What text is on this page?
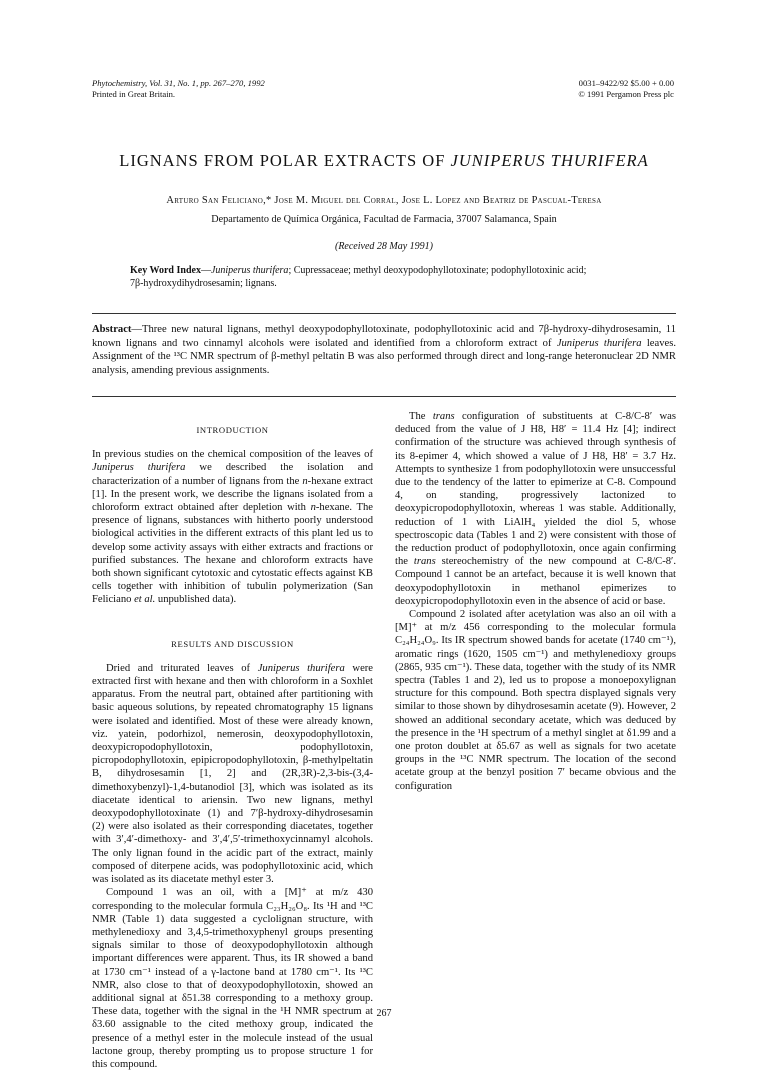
Phytochemistry, Vol. 31, No. 1, pp. 267–270, 1992
Printed in Great Britain.
0031–9422/92 $5.00 + 0.00
© 1991 Pergamon Press plc
LIGNANS FROM POLAR EXTRACTS OF JUNIPERUS THURIFERA
Arturo San Feliciano,* Jose M. Miguel del Corral, Jose L. Lopez and Beatriz de Pascual-Teresa
Departamento de Química Orgánica, Facultad de Farmacia, 37007 Salamanca, Spain
(Received 28 May 1991)
Key Word Index—Juniperus thurifera; Cupressaceae; methyl deoxypodophyllotoxinate; podophyllotoxinic acid;
7β-hydroxydihydrosesamin; lignans.
Abstract—Three new natural lignans, methyl deoxypodophyllotoxinate, podophyllotoxinic acid and 7β-hydroxy-dihydrosesamin, 11 known lignans and two cinnamyl alcohols were isolated and identified from a chloroform extract of Juniperus thurifera leaves. Assignment of the ¹³C NMR spectrum of β-methyl peltatin B was also performed through direct and long-range heteronuclear 2D NMR analysis, amending previous assignments.
INTRODUCTION

In previous studies on the chemical composition of the leaves of Juniperus thurifera we described the isolation and characterization of a number of lignans from the n-hexane extract [1]. In the present work, we describe the lignans isolated from a chloroform extract obtained after depletion with n-hexane. The presence of lignans, substances with hitherto poorly understood biological activities in the different extracts of this plant led us to develop some activity assays with either extracts and fractions or purified substances. The hexane and chloroform extracts have both shown significant cytotoxic and cytostatic effects against KB cells together with inhibition of tubulin polymerization (San Feliciano et al. unpublished data).

RESULTS AND DISCUSSION

Dried and triturated leaves of Juniperus thurifera were extracted first with hexane and then with chloroform in a Soxhlet apparatus. From the neutral part, obtained after partitioning with basic aqueous solutions, by repeated chromatography 15 lignans were isolated and identified. Most of these were already known, viz. yatein, podorhizol, nemerosin, deoxypodophyllotoxin, deoxypicropodophyllotoxin, podophyllotoxin, picropodophyllotoxin, epipicropodophyllotoxin, β-methylpeltatin B, dihydrosesamin [1, 2] and (2R,3R)-2,3-bis-(3,4-dimethoxybenzyl)-1,4-butanodiol [3], which was isolated as its diacetate identical to ariensin. Two new lignans, methyl deoxypodophyllotoxinate (1) and 7′β-hydroxy-dihydrosesamin (2) were also isolated as their corresponding diacetates, together with 3′,4′-dimethoxy- and 3′,4′,5′-trimethoxycinnamyl alcohols. The only lignan found in the acidic part of the extract, mainly composed of diterpene acids, was podophyllotoxinic acid, which was isolated as its diacetate methyl ester 3.

Compound 1 was an oil, with a [M]⁺ at m/z 430 corresponding to the molecular formula C₂₃H₂₆O₈. Its ¹H and ¹³C NMR (Table 1) data suggested a cyclolignan structure, with methylenedioxy and 3,4,5-trimethoxyphenyl groups presenting signals similar to those of deoxypodophyllotoxin although important differences were apparent. Thus, its IR showed a band at 1730 cm⁻¹ instead of a γ-lactone band at 1780 cm⁻¹. Its ¹³C NMR, also close to that of deoxypodophyllotoxin, showed an additional signal at δ51.38 corresponding to a methoxy group. These data, together with the signal in the ¹H NMR spectrum at δ3.60 assignable to the cited methoxy group, indicated the presence of a methyl ester in the molecule instead of the usual lactone group, thereby prompting us to propose structure 1 for this compound.

The trans configuration of substituents at C-8/C-8′ was deduced from the value of J H8, H8′ = 11.4 Hz [4]; indirect confirmation of the structure was achieved through synthesis of its 8-epimer 4, which showed a value of J H8, H8′ = 3.7 Hz. Attempts to synthesize 1 from podophyllotoxin were unsuccessful due to the tendency of the latter to epimerize at C-8. Compound 4, on standing, progressively lactonized to deoxypicropodophyllotoxin, whereas 1 was stable. Additionally, reduction of 1 with LiAlH₄ yielded the diol 5, whose spectroscopic data (Tables 1 and 2) were consistent with those of the reduction product of podophyllotoxin, once again confirming the trans stereochemistry of the new compound at C-8/C-8′. Compound 1 cannot be an artefact, because it is well known that deoxypodophyllotoxin in methanol epimerizes to deoxypicropodophyllotoxin even in the absence of acid or base.

Compound 2 isolated after acetylation was also an oil with a [M]⁺ at m/z 456 corresponding to the molecular formula C₂₄H₂₄O₉. Its IR spectrum showed bands for acetate (1740 cm⁻¹), aromatic rings (1620, 1505 cm⁻¹) and methylenedioxy groups (2865, 935 cm⁻¹). These data, together with the study of its NMR spectra (Tables 1 and 2), led us to propose a monoepoxylignan structure for this compound. Both spectra displayed signals very similar to those shown by dihydrosesamin acetate (9). However, 2 showed an additional secondary acetate, which was deduced by the presence in the ¹H spectrum of a methyl singlet at δ1.99 and a one proton doublet at δ5.67 as well as signals for two acetate groups in the ¹³C NMR spectrum. The location of the second acetate group at the benzyl position 7′ became obvious and the configuration

267
